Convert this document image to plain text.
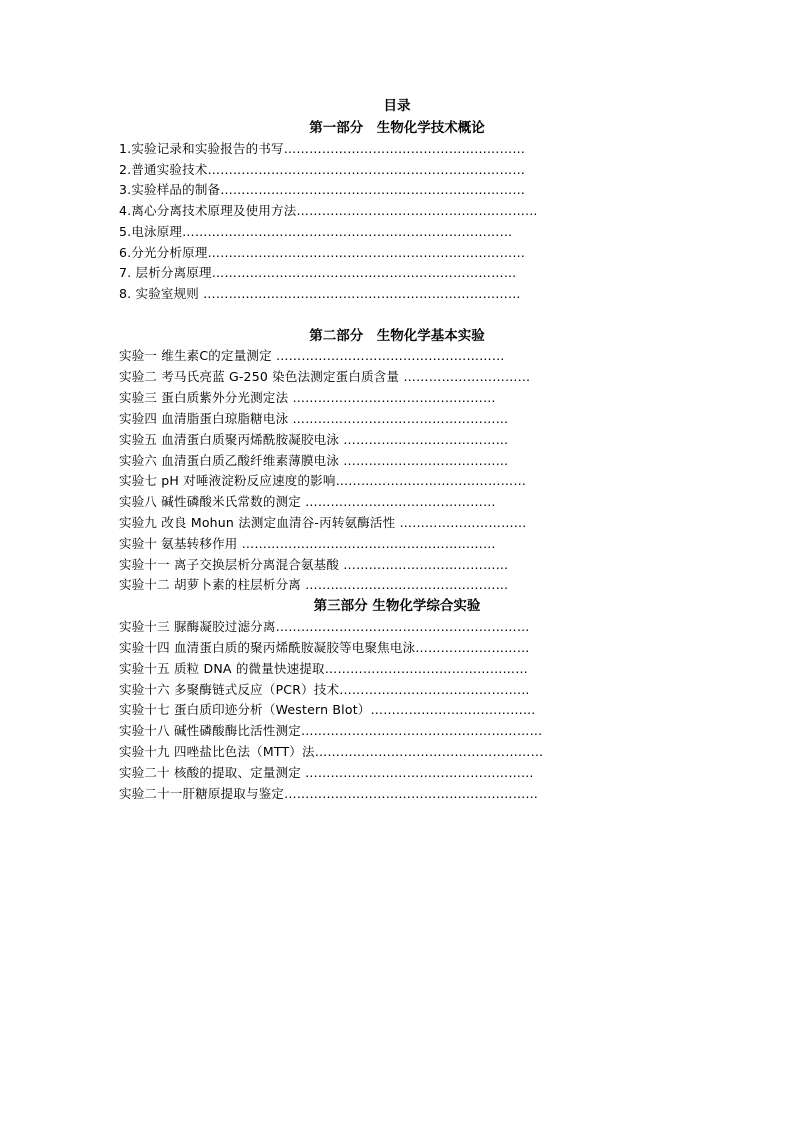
目录
第一部分　生物化学技术概论
1.实验记录和实验报告的书写…………………………………………………
2.普通实验技术…………………………………………………………………
3.实验样品的制备………………………………………………………………
4.离心分离技术原理及使用方法…………………………………………………
5.电泳原理……………………………………………………………………
6.分光分析原理…………………………………………………………………
7. 层析分离原理………………………………………………………………
8. 实验室规则 …………………………………………………………………
第二部分　生物化学基本实验
实验一 维生素C的定量测定 ………………………………………………
实验二 考马氏亮蓝 G-250 染色法测定蛋白质含量 …………………………
实验三 蛋白质紫外分光测定法 …………………………………………
实验四 血清脂蛋白琼脂糖电泳 ……………………………………………
实验五 血清蛋白质聚丙烯酰胺凝胶电泳 …………………………………
实验六 血清蛋白质乙酸纤维素薄膜电泳 …………………………………
实验七 pH 对唾液淀粉反应速度的影响………………………………………
实验八 碱性磷酸米氏常数的测定 ………………………………………
实验九 改良 Mohun 法测定血清谷-丙转氨酶活性 …………………………
实验十 氨基转移作用 ……………………………………………………
实验十一 离子交换层析分离混合氨基酸 …………………………………
实验十二 胡萝卜素的柱层析分离 …………………………………………
第三部分 生物化学综合实验
实验十三 脲酶凝胶过滤分离……………………………………………………
实验十四 血清蛋白质的聚丙烯酰胺凝胶等电聚焦电泳………………………
实验十五 质粒 DNA 的微量快速提取…………………………………………
实验十六 多聚酶链式反应（PCR）技术………………………………………
实验十七 蛋白质印迹分析（Western Blot）…………………………………
实验十八 碱性磷酸酶比活性测定…………………………………………………
实验十九 四唑盐比色法（MTT）法………………………………………………
实验二十 核酸的提取、定量测定 ………………………………………………
实验二十一肝糖原提取与鉴定……………………………………………………
